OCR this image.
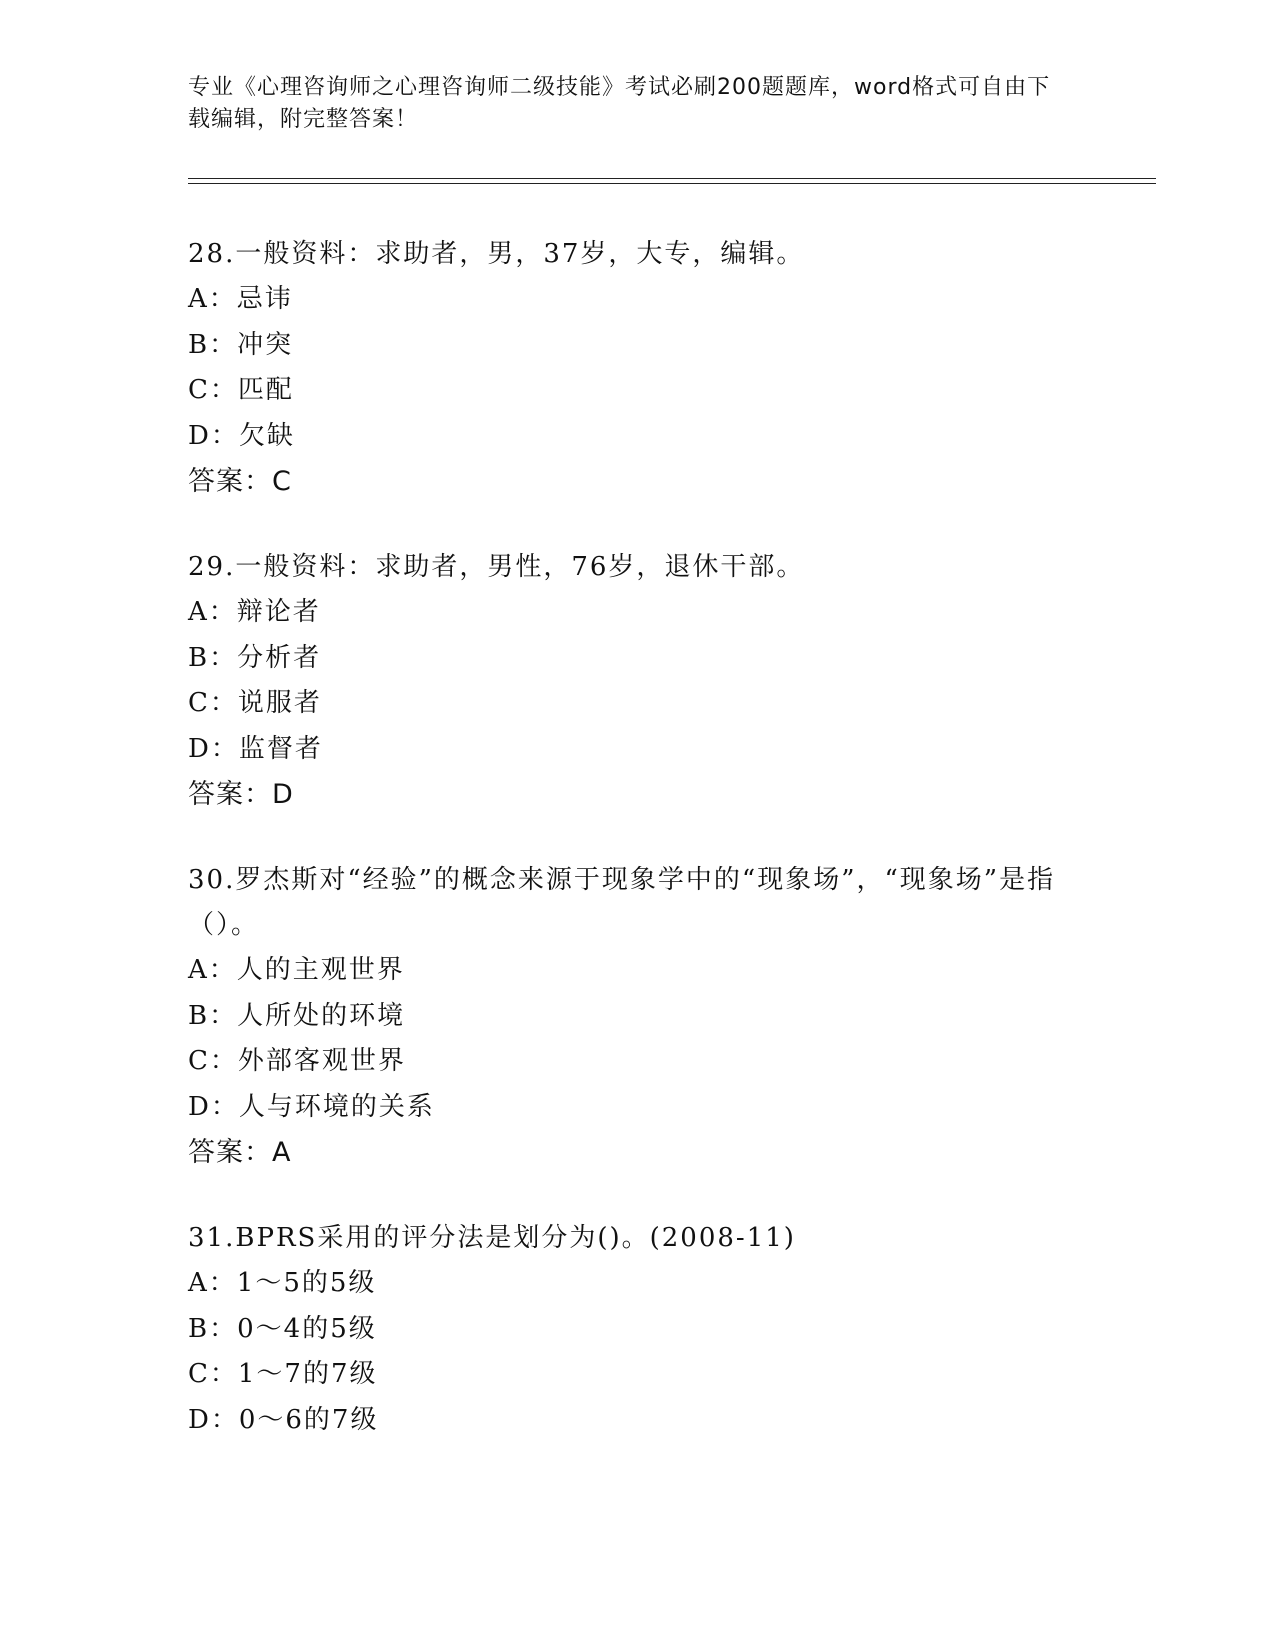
专业《心理咨询师之心理咨询师二级技能》考试必刷200题题库，word格式可自由下载编辑，附完整答案！
28.一般资料：求助者，男，37岁，大专，编辑。
A：忌讳
B：冲突
C：匹配
D：欠缺
答案：C
29.一般资料：求助者，男性，76岁，退休干部。
A：辩论者
B：分析者
C：说服者
D：监督者
答案：D
30.罗杰斯对“经验”的概念来源于现象学中的“现象场”，“现象场”是指（）。
A：人的主观世界
B：人所处的环境
C：外部客观世界
D：人与环境的关系
答案：A
31.BPRS采用的评分法是划分为()。(2008-11)
A：1～5的5级
B：0～4的5级
C：1～7的7级
D：0～6的7级
